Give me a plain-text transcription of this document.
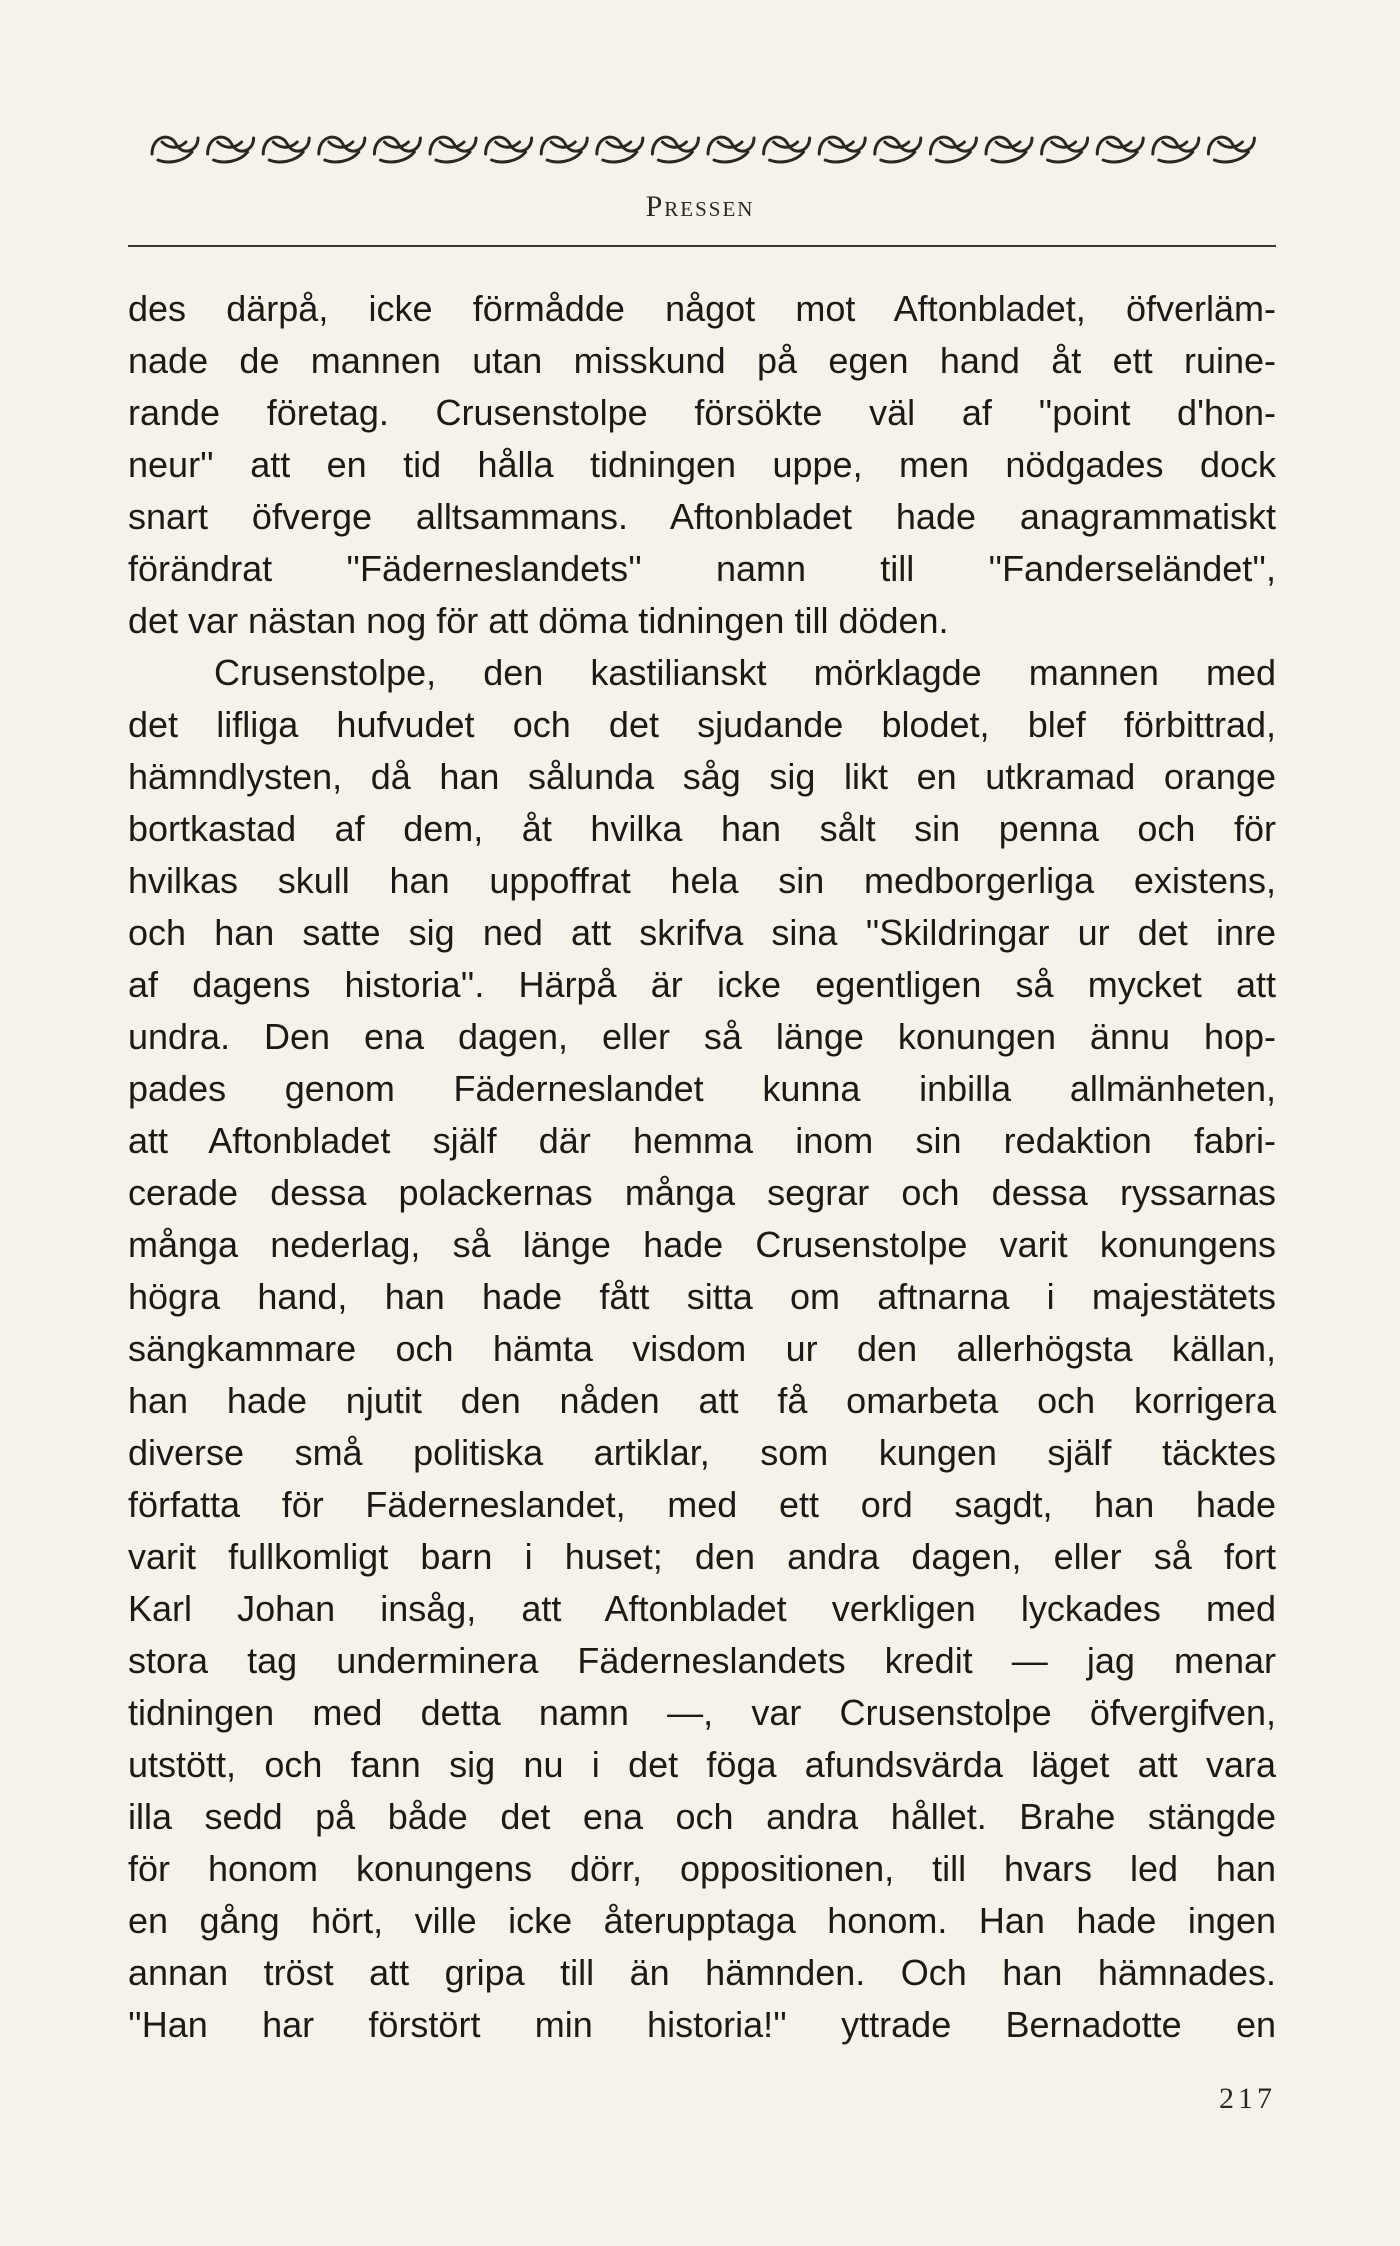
Pressen
des därpå, icke förmådde något mot Aftonbladet, öfverläm-
nade de mannen utan misskund på egen hand åt ett ruine-
rande företag. Crusenstolpe försökte väl af ''point d'hon-
neur'' att en tid hålla tidningen uppe, men nödgades dock
snart öfverge alltsammans. Aftonbladet hade anagrammatiskt
förändrat ''Fäderneslandets'' namn till ''Fanderseländet'',
det var nästan nog för att döma tidningen till döden.
Crusenstolpe, den kastilianskt mörklagde mannen med
det lifliga hufvudet och det sjudande blodet, blef förbittrad,
hämndlysten, då han sålunda såg sig likt en utkramad orange
bortkastad af dem, åt hvilka han sålt sin penna och för
hvilkas skull han uppoffrat hela sin medborgerliga existens,
och han satte sig ned att skrifva sina ''Skildringar ur det inre
af dagens historia''. Härpå är icke egentligen så mycket att
undra. Den ena dagen, eller så länge konungen ännu hop-
pades genom Fäderneslandet kunna inbilla allmänheten,
att Aftonbladet själf där hemma inom sin redaktion fabri-
cerade dessa polackernas många segrar och dessa ryssarnas
många nederlag, så länge hade Crusenstolpe varit konungens
högra hand, han hade fått sitta om aftnarna i majestätets
sängkammare och hämta visdom ur den allerhögsta källan,
han hade njutit den nåden att få omarbeta och korrigera
diverse små politiska artiklar, som kungen själf täcktes
författa för Fäderneslandet, med ett ord sagdt, han hade
varit fullkomligt barn i huset; den andra dagen, eller så fort
Karl Johan insåg, att Aftonbladet verkligen lyckades med
stora tag underminera Fäderneslandets kredit — jag menar
tidningen med detta namn —, var Crusenstolpe öfvergifven,
utstött, och fann sig nu i det föga afundsvärda läget att vara
illa sedd på både det ena och andra hållet. Brahe stängde
för honom konungens dörr, oppositionen, till hvars led han
en gång hört, ville icke återupptaga honom. Han hade ingen
annan tröst att gripa till än hämnden. Och han hämnades.
''Han har förstört min historia!'' yttrade Bernadotte en
217
